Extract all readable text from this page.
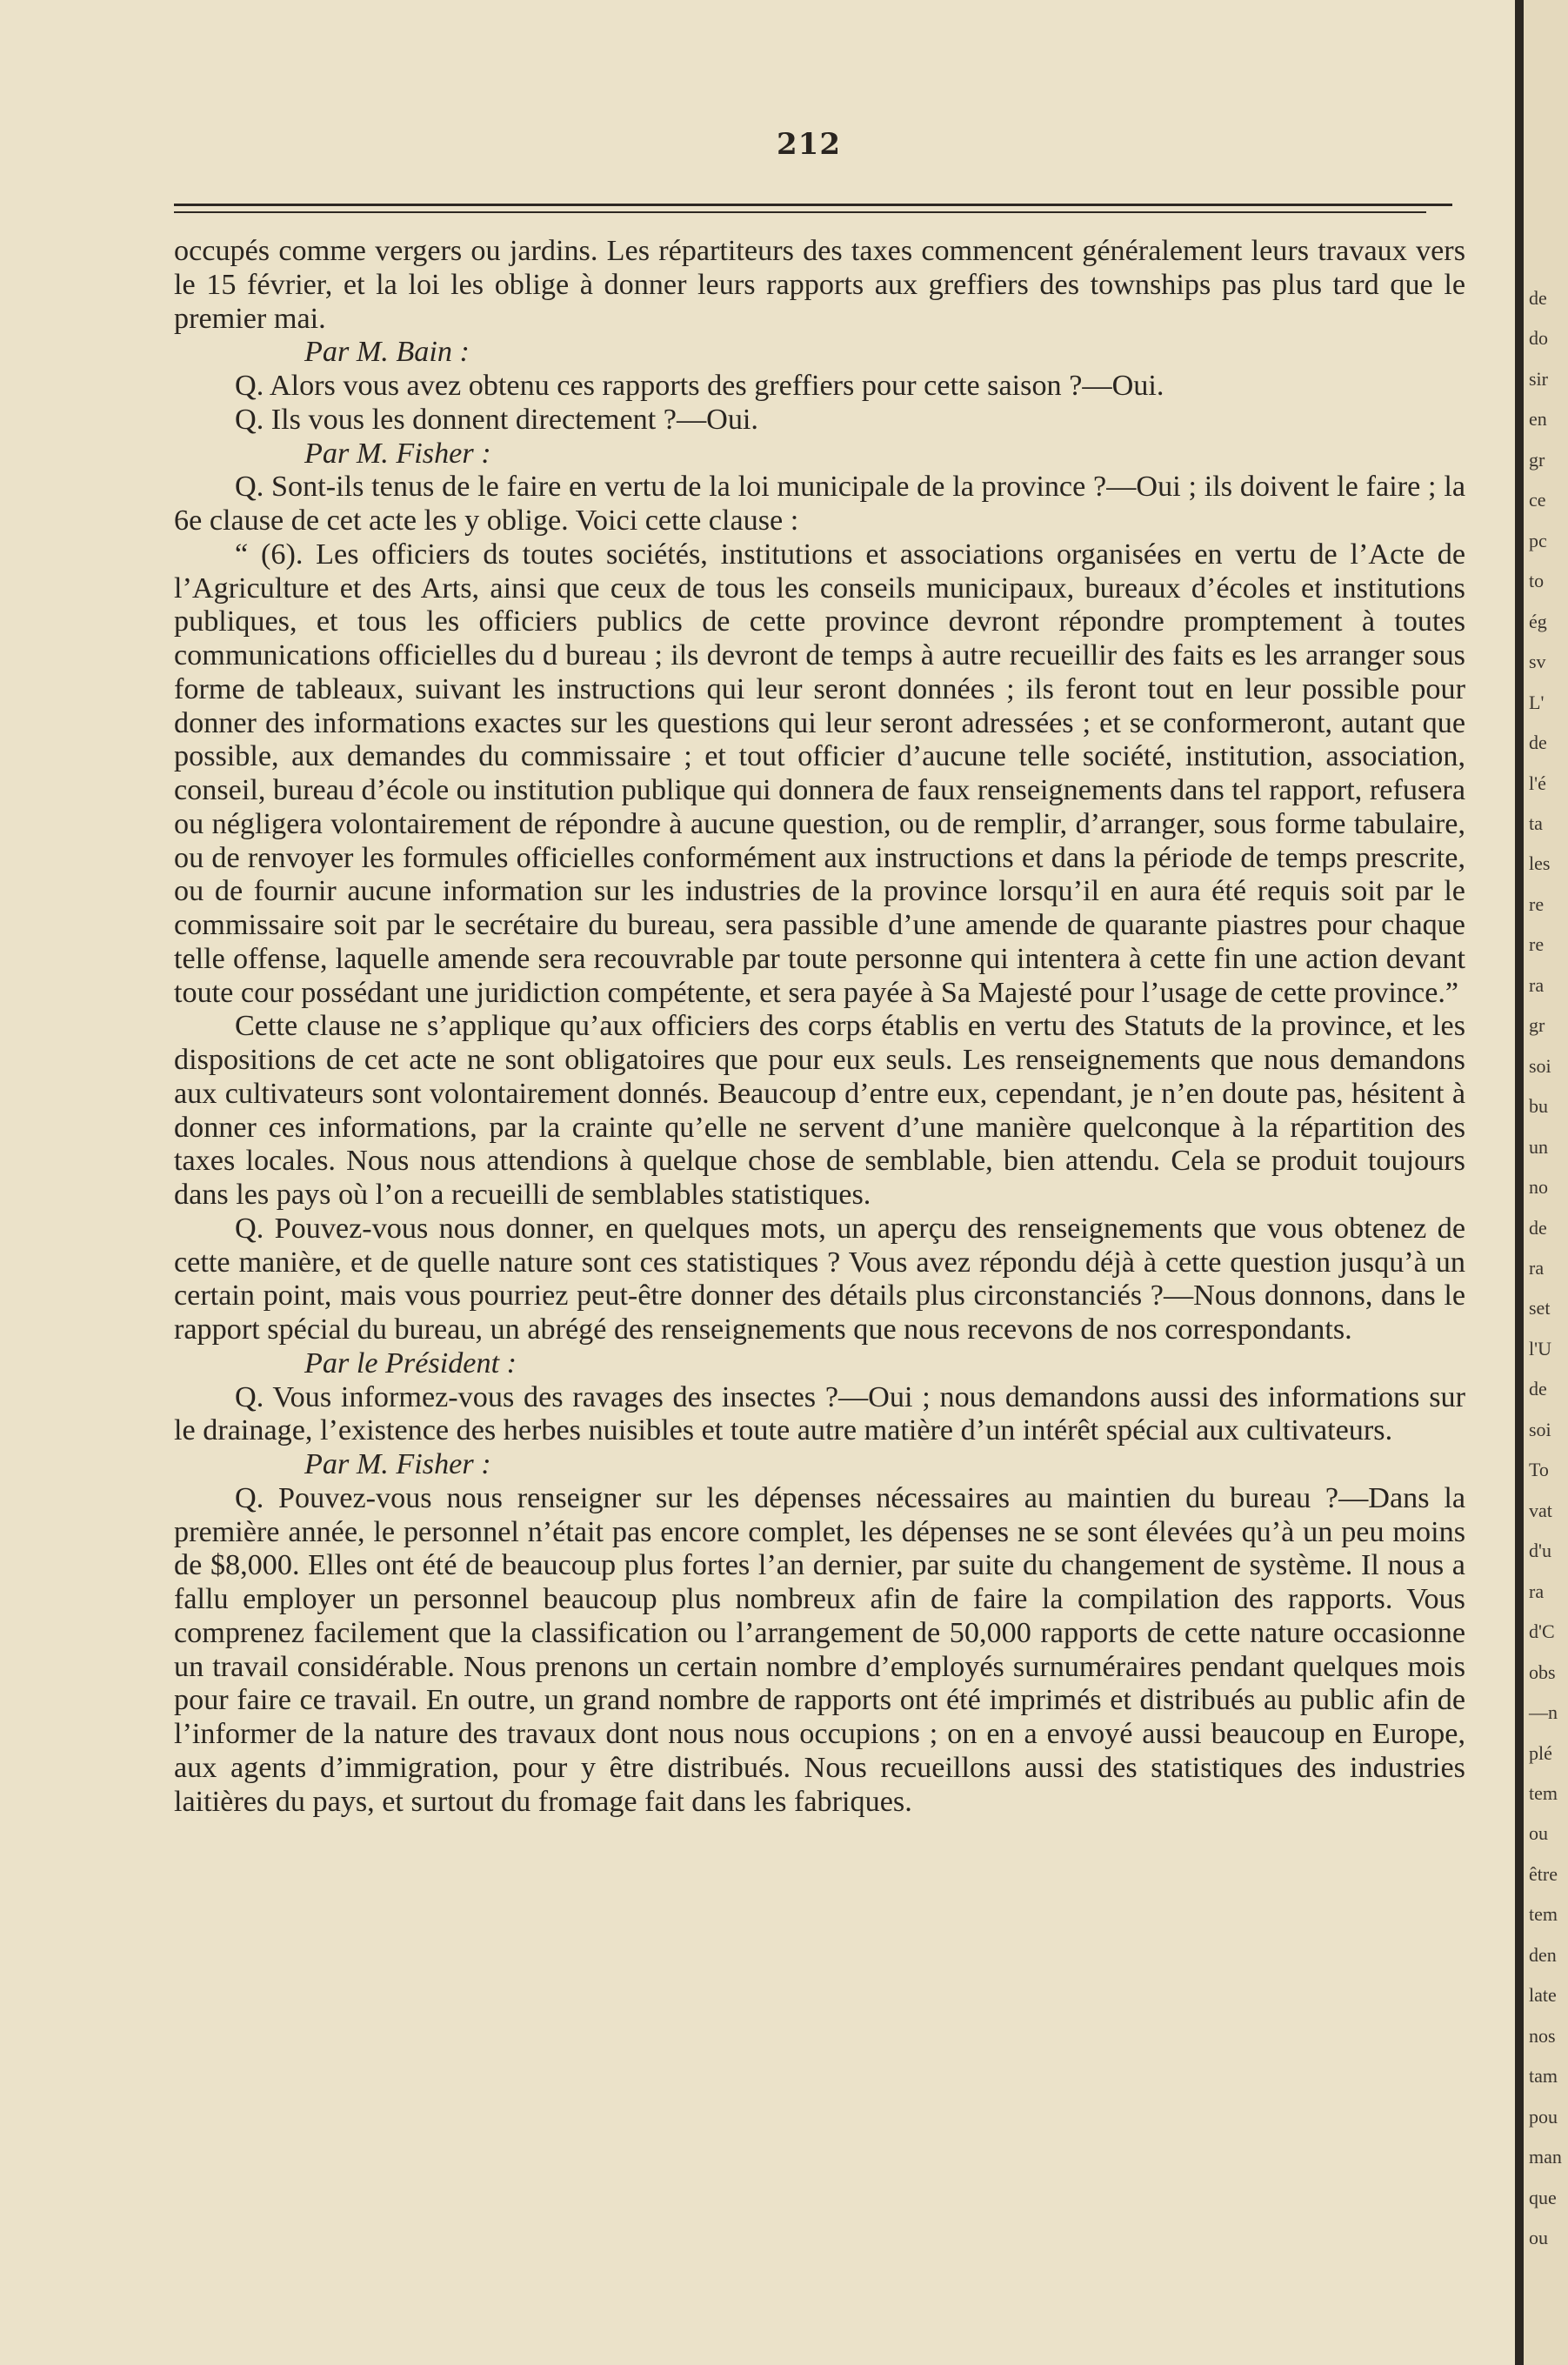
212

occupés comme vergers ou jardins. Les répartiteurs des taxes commencent généralement leurs travaux vers le 15 février, et la loi les oblige à donner leurs rapports aux greffiers des townships pas plus tard que le premier mai.

Par M. Bain :

Q. Alors vous avez obtenu ces rapports des greffiers pour cette saison ?—Oui.

Q. Ils vous les donnent directement ?—Oui.

Par M. Fisher :

Q. Sont-ils tenus de le faire en vertu de la loi municipale de la province ?—Oui ; ils doivent le faire ; la 6e clause de cet acte les y oblige. Voici cette clause :

“ (6). Les officiers ds toutes sociétés, institutions et associations organisées en vertu de l’Acte de l’Agriculture et des Arts, ainsi que ceux de tous les conseils municipaux, bureaux d’écoles et institutions publiques, et tous les officiers publics de cette province devront répondre promptement à toutes communications officielles du d bureau ; ils devront de temps à autre recueillir des faits es les arranger sous forme de tableaux, suivant les instructions qui leur seront données ; ils feront tout en leur possible pour donner des informations exactes sur les questions qui leur seront adressées ; et se conformeront, autant que possible, aux demandes du commissaire ; et tout officier d’aucune telle société, institution, association, conseil, bureau d’école ou institution publique qui donnera de faux renseignements dans tel rapport, refusera ou négligera volontairement de répondre à aucune question, ou de remplir, d’arranger, sous forme tabulaire, ou de renvoyer les formules officielles conformément aux instructions et dans la période de temps prescrite, ou de fournir aucune information sur les industries de la province lorsqu’il en aura été requis soit par le commissaire soit par le secrétaire du bureau, sera passible d’une amende de quarante piastres pour chaque telle offense, laquelle amende sera recouvrable par toute personne qui intentera à cette fin une action devant toute cour possédant une juridiction compétente, et sera payée à Sa Majesté pour l’usage de cette province.”

Cette clause ne s’applique qu’aux officiers des corps établis en vertu des Statuts de la province, et les dispositions de cet acte ne sont obligatoires que pour eux seuls. Les renseignements que nous demandons aux cultivateurs sont volontairement donnés. Beaucoup d’entre eux, cependant, je n’en doute pas, hésitent à donner ces informations, par la crainte qu’elle ne servent d’une manière quelconque à la répartition des taxes locales. Nous nous attendions à quelque chose de semblable, bien attendu. Cela se produit toujours dans les pays où l’on a recueilli de semblables statistiques.

Q. Pouvez-vous nous donner, en quelques mots, un aperçu des renseignements que vous obtenez de cette manière, et de quelle nature sont ces statistiques ? Vous avez répondu déjà à cette question jusqu’à un certain point, mais vous pourriez peut-être donner des détails plus circonstanciés ?—Nous donnons, dans le rapport spécial du bureau, un abrégé des renseignements que nous recevons de nos correspondants.

Par le Président :

Q. Vous informez-vous des ravages des insectes ?—Oui ; nous demandons aussi des informations sur le drainage, l’existence des herbes nuisibles et toute autre matière d’un intérêt spécial aux cultivateurs.

Par M. Fisher :

Q. Pouvez-vous nous renseigner sur les dépenses nécessaires au maintien du bureau ?—Dans la première année, le personnel n’était pas encore complet, les dépenses ne se sont élevées qu’à un peu moins de $8,000. Elles ont été de beaucoup plus fortes l’an dernier, par suite du changement de système. Il nous a fallu employer un personnel beaucoup plus nombreux afin de faire la compilation des rapports. Vous comprenez facilement que la classification ou l’arrangement de 50,000 rapports de cette nature occasionne un travail considérable. Nous prenons un certain nombre d’employés surnuméraires pendant quelques mois pour faire ce travail. En outre, un grand nombre de rapports ont été imprimés et distribués au public afin de l’informer de la nature des travaux dont nous nous occupions ; on en a envoyé aussi beaucoup en Europe, aux agents d’immigration, pour y être distribués. Nous recueillons aussi des statistiques des industries laitières du pays, et surtout du fromage fait dans les fabriques.

de
do
sir
en
gr
ce
pc
to
ég
sv
L'
de
l'é
ta
les
re
re
ra
gr
soi
bu
un
no
de
ra
set
l'U
de
soi
To
vat
d'u
ra
d'C
obs
—n
plé
tem
ou
être
tem
den
late
nos
tam
pou
man
que
ou
